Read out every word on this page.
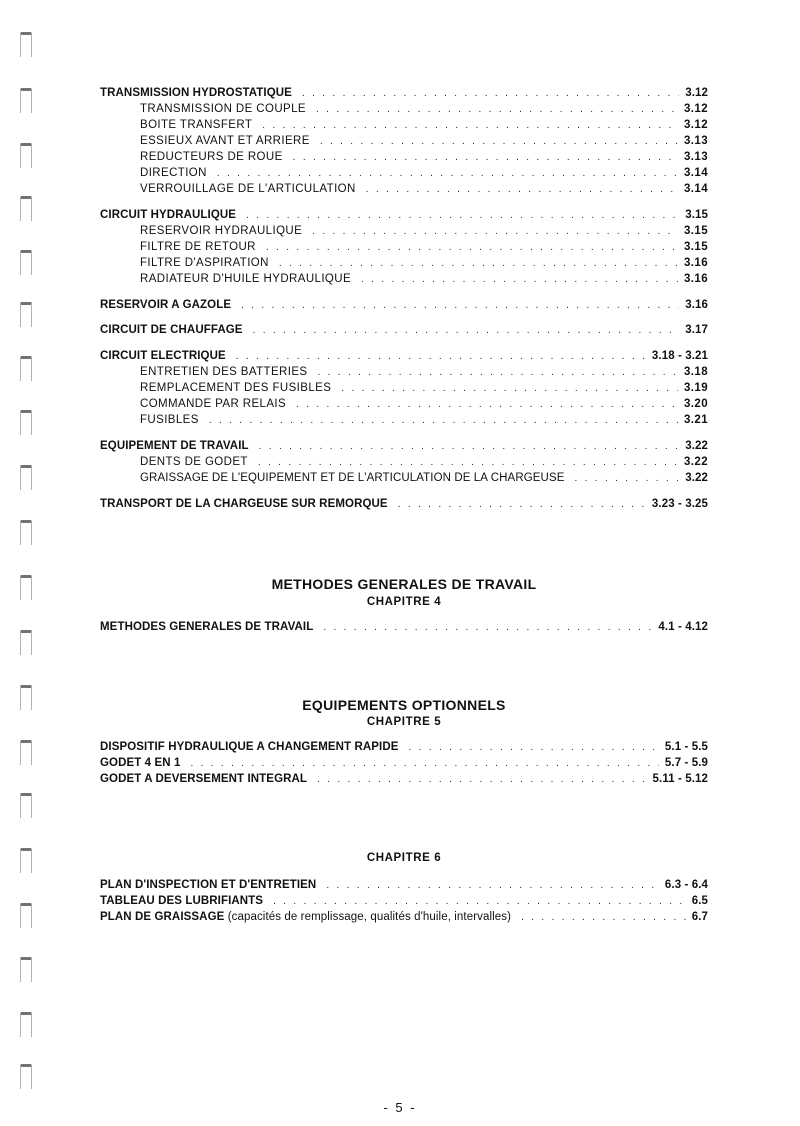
TRANSMISSION HYDROSTATIQUE . . .	3.12
TRANSMISSION DE COUPLE . . .	3.12
BOITE TRANSFERT . . .	3.12
ESSIEUX AVANT ET ARRIERE . . .	3.13
REDUCTEURS DE ROUE . . .	3.13
DIRECTION . . .	3.14
VERROUILLAGE DE L'ARTICULATION . . .	3.14
CIRCUIT HYDRAULIQUE . . .	3.15
RESERVOIR HYDRAULIQUE . . .	3.15
FILTRE DE RETOUR . . .	3.15
FILTRE D'ASPIRATION . . .	3.16
RADIATEUR D'HUILE HYDRAULIQUE . . .	3.16
RESERVOIR A GAZOLE . . .	3.16
CIRCUIT DE CHAUFFAGE . . .	3.17
CIRCUIT ELECTRIQUE . . .	3.18 - 3.21
ENTRETIEN DES BATTERIES . . .	3.18
REMPLACEMENT DES FUSIBLES . . .	3.19
COMMANDE PAR RELAIS . . .	3.20
FUSIBLES . . .	3.21
EQUIPEMENT DE TRAVAIL . . .	3.22
DENTS DE GODET . . .	3.22
GRAISSAGE DE L'EQUIPEMENT ET DE L'ARTICULATION DE LA CHARGEUSE . . .	3.22
TRANSPORT DE LA CHARGEUSE SUR REMORQUE . . .	3.23 - 3.25
METHODES GENERALES DE TRAVAIL
CHAPITRE 4
METHODES GENERALES DE TRAVAIL . . .	4.1 - 4.12
EQUIPEMENTS OPTIONNELS
CHAPITRE 5
DISPOSITIF HYDRAULIQUE A CHANGEMENT RAPIDE . . .	5.1 - 5.5
GODET 4 EN 1 . . .	5.7 - 5.9
GODET A DEVERSEMENT INTEGRAL . . .	5.11 - 5.12
CHAPITRE 6
PLAN D'INSPECTION ET D'ENTRETIEN . . .	6.3 - 6.4
TABLEAU DES LUBRIFIANTS . . .	6.5
PLAN DE GRAISSAGE (capacités de remplissage, qualités d'huile, intervalles) . . .	6.7
- 5 -
